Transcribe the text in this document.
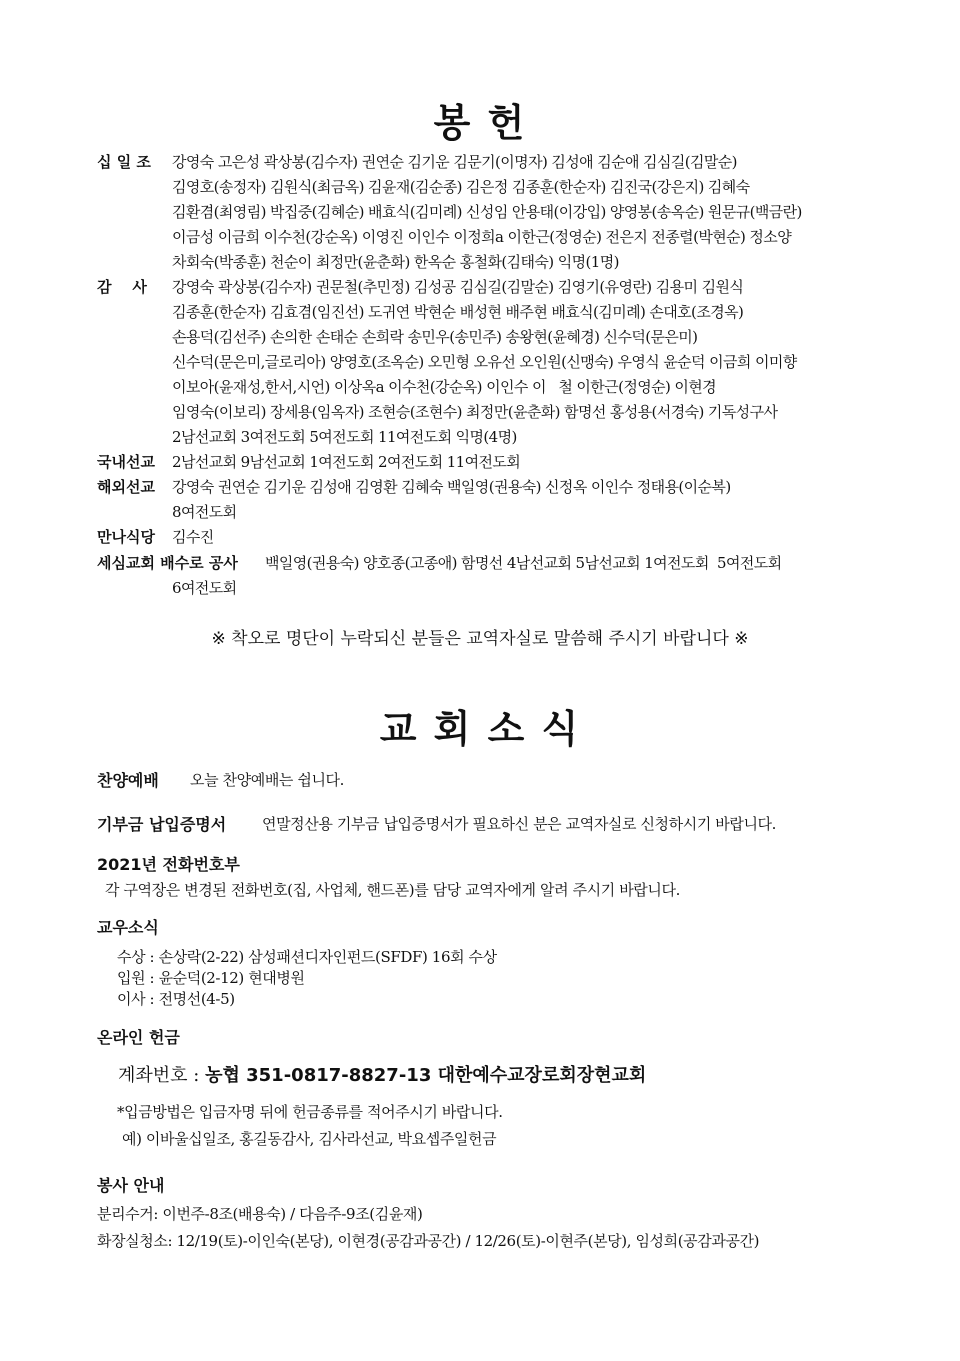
봉 헌
십 일 조 강영숙 고은성 곽상봉(김수자) 권연순 김기운 김문기(이명자) 김성애 김순애 김심길(김말순)
김영호(송정자) 김원식(최금옥) 김윤재(김순종) 김은정 김종훈(한순자) 김진국(강은지) 김혜숙
김환겸(최영림) 박집중(김혜순) 배효식(김미례) 신성임 안용태(이강입) 양영봉(송옥순) 원문규(백금란)
이금성 이금희 이수천(강순옥) 이영진 이인수 이정희a 이한근(정영순) 전은지 전종렬(박현순) 정소양
차회숙(박종훈) 천순이 최정만(윤춘화) 한옥순 홍철화(김태숙) 익명(1명)
감    사 강영숙 곽상봉(김수자) 권문철(추민정) 김성공 김심길(김말순) 김영기(유영란) 김용미 김원식
김종훈(한순자) 김효겸(임진선) 도귀연 박현순 배성현 배주현 배효식(김미례) 손대호(조경옥)
손용덕(김선주) 손의한 손태순 손희락 송민우(송민주) 송왕현(윤혜경) 신수덕(문은미)
신수덕(문은미,글로리아) 양영호(조옥순) 오민형 오유선 오인원(신맹숙) 우영식 윤순덕 이금희 이미향
이보아(윤재성,한서,시언) 이상옥a 이수천(강순옥) 이인수 이   철 이한근(정영순) 이현경
임영숙(이보리) 장세용(임옥자) 조현승(조현수) 최정만(윤춘화) 함명선 홍성용(서경숙) 기독성구사
2남선교회 3여전도회 5여전도회 11여전도회 익명(4명)
국내선교 2남선교회 9남선교회 1여전도회 2여전도회 11여전도회
해외선교 강영숙 권연순 김기운 김성애 김영환 김혜숙 백일영(권용숙) 신정옥 이인수 정태용(이순복)
8여전도회
만나식당 김수진
세심교회 배수로 공사 백일영(권용숙) 양호종(고종애) 함명선 4남선교회 5남선교회 1여전도회  5여전도회
6여전도회
※ 착오로 명단이 누락되신 분들은 교역자실로 말씀해 주시기 바랍니다 ※
교 회 소 식
찬양예배 오늘 찬양예배는 쉽니다.
기부금 납입증명서 연말정산용 기부금 납입증명서가 필요하신 분은 교역자실로 신청하시기 바랍니다.
2021년 전화번호부
각 구역장은 변경된 전화번호(집, 사업체, 핸드폰)를 담당 교역자에게 알려 주시기 바랍니다.
교우소식
수상 : 손상락(2-22) 삼성패션디자인펀드(SFDF) 16회 수상
입원 : 윤순덕(2-12) 현대병원
이사 : 전명선(4-5)
온라인 헌금
계좌번호 : 농협 351-0817-8827-13 대한예수교장로회장현교회
*입금방법은 입금자명 뒤에 헌금종류를 적어주시기 바랍니다.
예) 이바울십일조, 홍길동감사, 김사라선교, 박요셉주일헌금
봉사 안내
분리수거: 이번주-8조(배용숙) / 다음주-9조(김윤재)
화장실청소: 12/19(토)-이인숙(본당), 이현경(공감과공간) / 12/26(토)-이현주(본당), 임성희(공감과공간)
